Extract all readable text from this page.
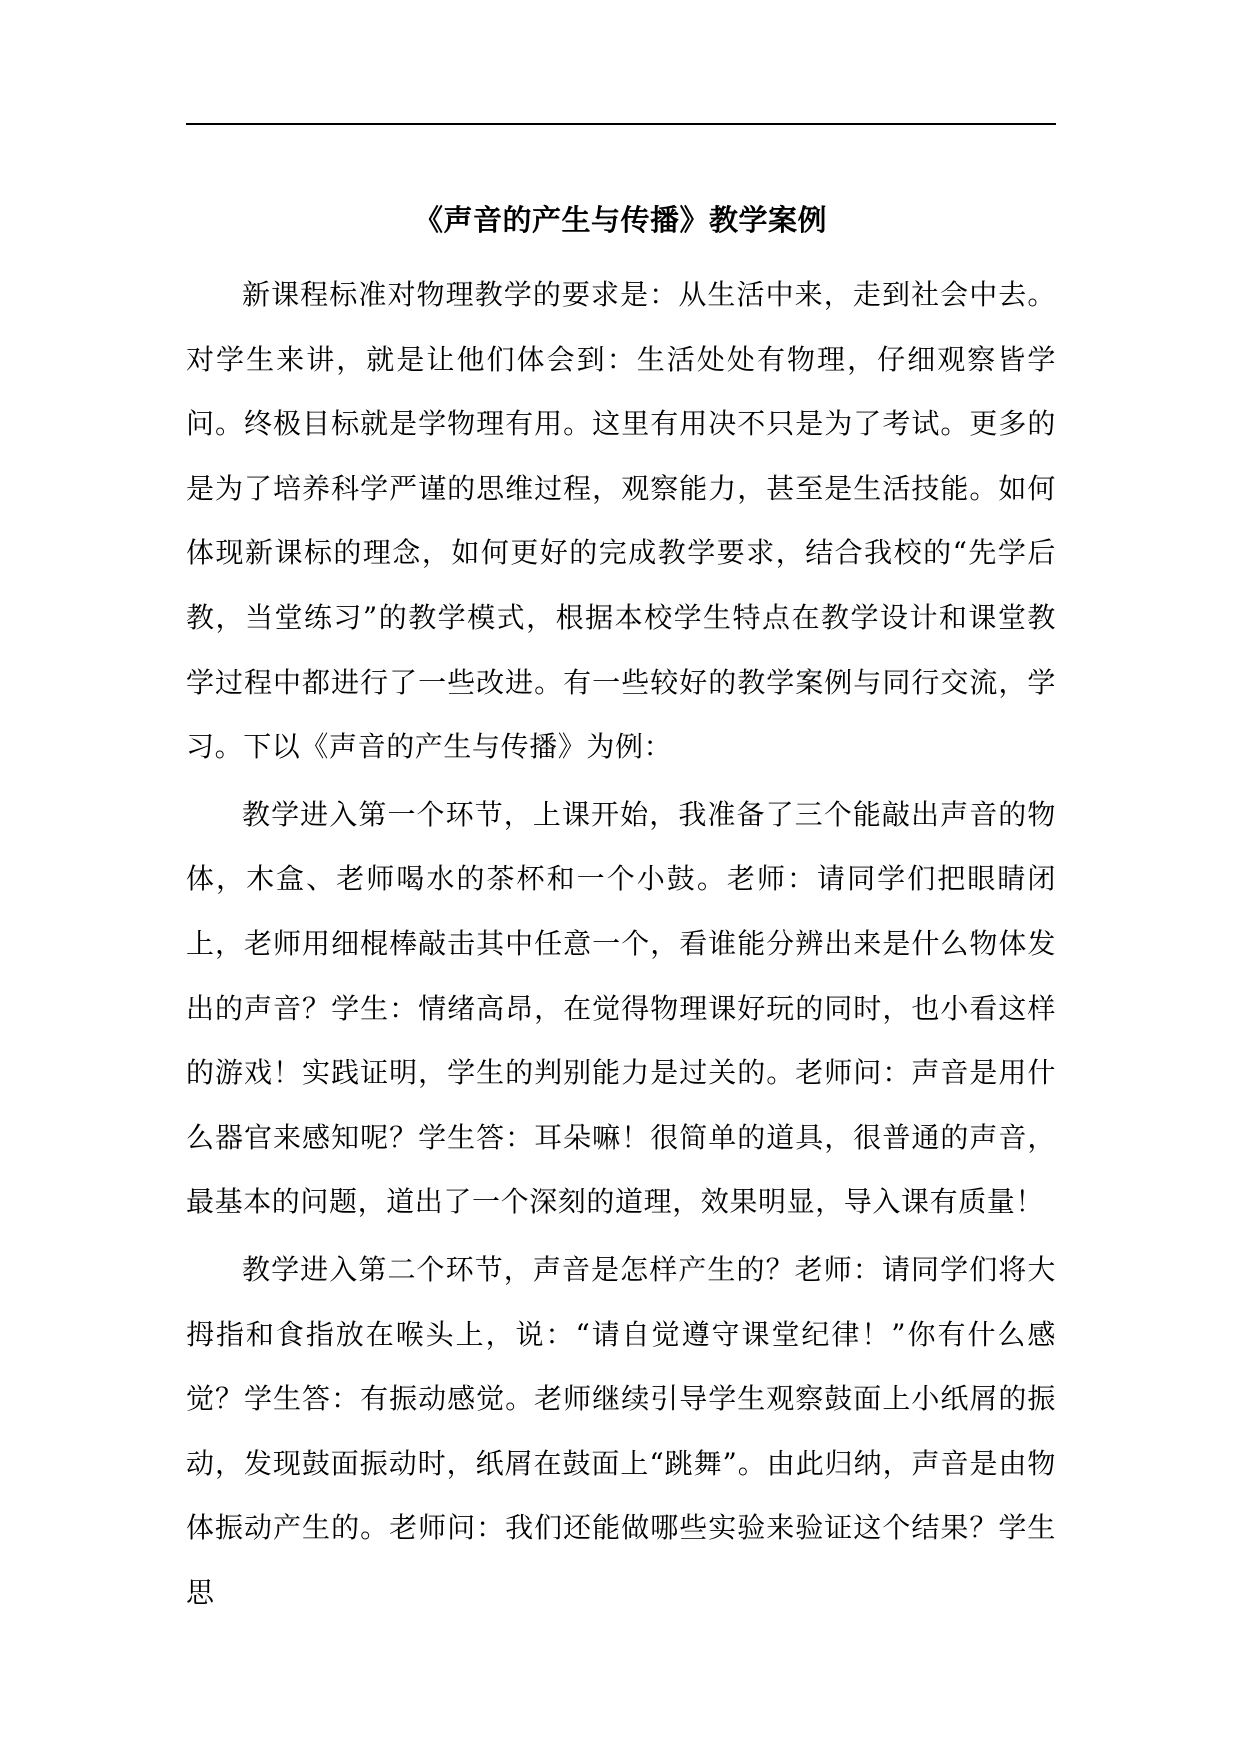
《声音的产生与传播》教学案例

新课程标准对物理教学的要求是：从生活中来，走到社会中去。对学生来讲，就是让他们体会到：生活处处有物理，仔细观察皆学问。终极目标就是学物理有用。这里有用决不只是为了考试。更多的是为了培养科学严谨的思维过程，观察能力，甚至是生活技能。如何体现新课标的理念，如何更好的完成教学要求，结合我校的“先学后教，当堂练习”的教学模式，根据本校学生特点在教学设计和课堂教学过程中都进行了一些改进。有一些较好的教学案例与同行交流，学习。下以《声音的产生与传播》为例：

教学进入第一个环节，上课开始，我准备了三个能敲出声音的物体，木盒、老师喝水的茶杯和一个小鼓。老师：请同学们把眼睛闭上，老师用细棍棒敲击其中任意一个，看谁能分辨出来是什么物体发出的声音？学生：情绪高昂，在觉得物理课好玩的同时，也小看这样的游戏！实践证明，学生的判别能力是过关的。老师问：声音是用什么器官来感知呢？学生答：耳朵嘛！很简单的道具，很普通的声音，最基本的问题，道出了一个深刻的道理，效果明显，导入课有质量！

教学进入第二个环节，声音是怎样产生的？老师：请同学们将大拇指和食指放在喉头上，说：“请自觉遵守课堂纪律！”你有什么感觉？学生答：有振动感觉。老师继续引导学生观察鼓面上小纸屑的振动，发现鼓面振动时，纸屑在鼓面上“跳舞”。由此归纳，声音是由物体振动产生的。老师问：我们还能做哪些实验来验证这个结果？学生思
